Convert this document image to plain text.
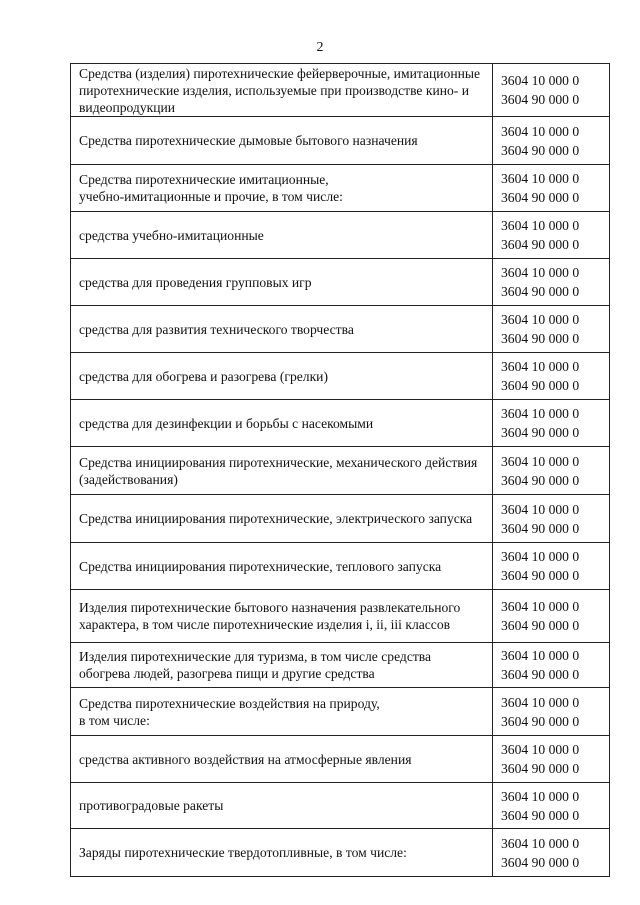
2
Средства (изделия) пиротехнические фейерверочные, имитационные пиротехнические изделия, используемые при производстве кино- и видеопродукции	3604 10 000 0
3604 90 000 0

Средства пиротехнические дымовые бытового назначения	3604 10 000 0
3604 90 000 0

Средства пиротехнические имитационные,
учебно-имитационные и прочие, в том числе:	3604 10 000 0
3604 90 000 0

средства учебно-имитационные	3604 10 000 0
3604 90 000 0

средства для проведения групповых игр	3604 10 000 0
3604 90 000 0

средства для развития технического творчества	3604 10 000 0
3604 90 000 0

средства для обогрева и разогрева (грелки)	3604 10 000 0
3604 90 000 0

средства для дезинфекции и борьбы с насекомыми	3604 10 000 0
3604 90 000 0

Средства инициирования пиротехнические, механического действия (задействования)	3604 10 000 0
3604 90 000 0

Средства инициирования пиротехнические, электрического запуска	3604 10 000 0
3604 90 000 0

Средства инициирования пиротехнические, теплового запуска	3604 10 000 0
3604 90 000 0

Изделия пиротехнические бытового назначения развлекательного характера, в том числе пиротехнические изделия i, ii, iii классов	3604 10 000 0
3604 90 000 0

Изделия пиротехнические для туризма, в том числе средства обогрева людей, разогрева пищи и другие средства	3604 10 000 0
3604 90 000 0

Средства пиротехнические воздействия на природу,
в том числе:	3604 10 000 0
3604 90 000 0

средства активного воздействия на атмосферные явления	3604 10 000 0
3604 90 000 0

противоградовые ракеты	3604 10 000 0
3604 90 000 0

Заряды пиротехнические твердотопливные, в том числе:	3604 10 000 0
3604 90 000 0
